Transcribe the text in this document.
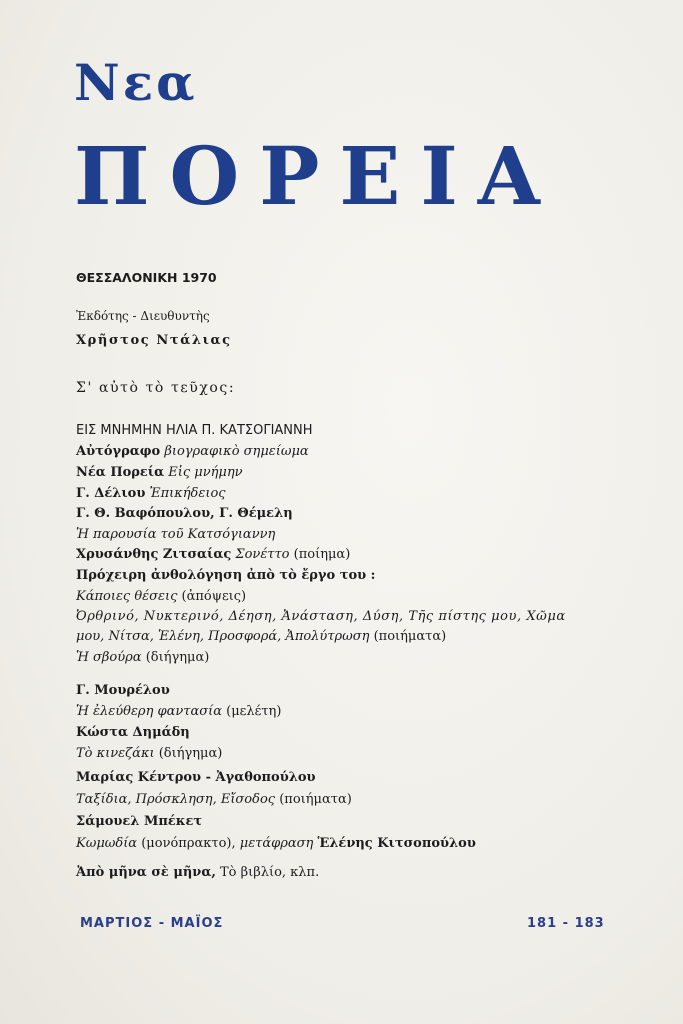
Νεα
ΠΟΡΕΙΑ
ΘΕΣΣΑΛΟΝΙΚΗ 1970
Ἐκδότης - Διευθυντὴς
Χρῆστος Ντάλιας
Σ' αὐτὸ τὸ τεῦχος:
ΕΙΣ ΜΝΗΜΗΝ ΗΛΙΑ Π. ΚΑΤΣΟΓΙΑΝΝΗ
Αὐτόγραφο βιογραφικὸ σημείωμα
Νέα Πορεία Εἰς μνήμην
Γ. Δέλιου Ἐπικήδειος
Γ. Θ. Βαφόπουλου, Γ. Θέμελη
Ἡ παρουσία τοῦ Κατσόγιαννη
Χρυσάνθης Ζιτσαίας Σονέττο (ποίημα)
Πρόχειρη ἀνθολόγηση ἀπὸ τὸ ἔργο του :
Κάποιες θέσεις (ἀπόψεις)
Ὀρθρινό, Νυκτερινό, Δέηση, Ἀνάσταση, Δύση, Τῆς πίστης μου, Χῶμα
μου, Νίτσα, Ἑλένη, Προσφορά, Ἀπολύτρωση (ποιήματα)
Ἡ σβούρα (διήγημα)
Γ. Μουρέλου
Ἡ ἐλεύθερη φαντασία (μελέτη)
Κώστα Δημάδη
Τὸ κινεζάκι (διήγημα)
Μαρίας Κέντρου - Ἀγαθοπούλου
Ταξίδια, Πρόσκληση, Εἴσοδος (ποιήματα)
Σάμουελ Μπέκετ
Κωμωδία (μονόπρακτο), μετάφραση Ἑλένης Κιτσοπούλου
Ἀπὸ μῆνα σὲ μῆνα, Τὸ βιβλίο, κλπ.
ΜΑΡΤΙΟΣ - ΜΑΪΟΣ	181 - 183
